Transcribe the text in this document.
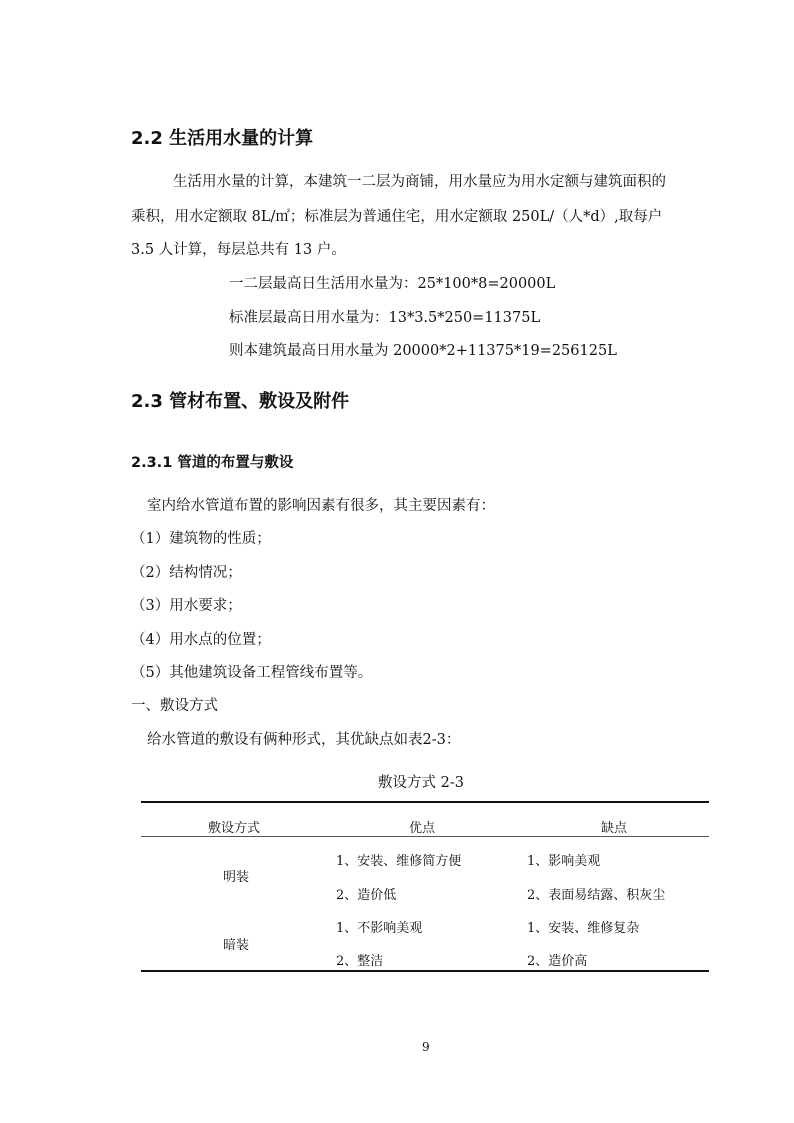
2.2 生活用水量的计算
生活用水量的计算，本建筑一二层为商铺，用水量应为用水定额与建筑面积的
乘积，用水定额取 8L/㎡；标准层为普通住宅，用水定额取 250L/（人*d）,取每户
3.5 人计算，每层总共有 13 户。
一二层最高日生活用水量为：25*100*8=20000L
标准层最高日用水量为：13*3.5*250=11375L
则本建筑最高日用水量为 20000*2+11375*19=256125L
2.3 管材布置、敷设及附件
2.3.1 管道的布置与敷设
室内给水管道布置的影响因素有很多，其主要因素有：
（1）建筑物的性质；
（2）结构情况；
（3）用水要求；
（4）用水点的位置；
（5）其他建筑设备工程管线布置等。
一、敷设方式
给水管道的敷设有俩种形式，其优缺点如表2-3：
敷设方式 2-3
敷设方式	优点	缺点
明装
1、安装、维修简方便
2、造价低
1、影响美观
2、表面易结露、积灰尘
暗装
1、不影响美观
2、整洁
1、安装、维修复杂
2、造价高
9
